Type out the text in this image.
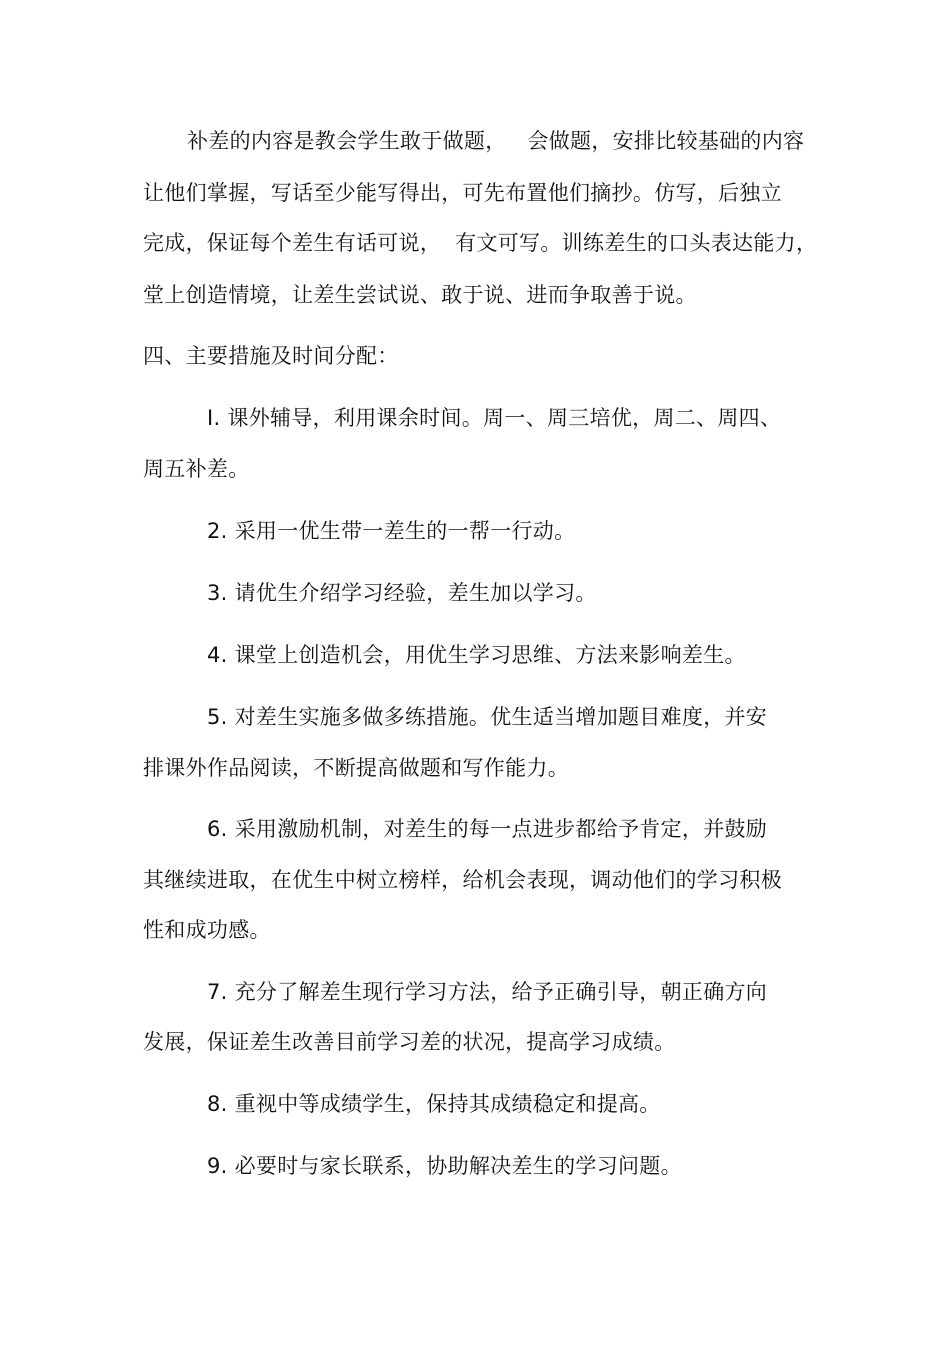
补差的内容是教会学生敢于做题，   会做题，安排比较基础的内容
让他们掌握，写话至少能写得出，可先布置他们摘抄。仿写，后独立
完成，保证每个差生有话可说，  有文可写。训练差生的口头表达能力，
堂上创造情境，让差生尝试说、敢于说、进而争取善于说。
四、主要措施及时间分配：
I. 课外辅导，利用课余时间。周一、周三培优，周二、周四、
周五补差。
2. 采用一优生带一差生的一帮一行动。
3. 请优生介绍学习经验，差生加以学习。
4. 课堂上创造机会，用优生学习思维、方法来影响差生。
5. 对差生实施多做多练措施。优生适当增加题目难度，并安
排课外作品阅读，不断提高做题和写作能力。
6. 采用激励机制，对差生的每一点进步都给予肯定，并鼓励
其继续进取，在优生中树立榜样，给机会表现，调动他们的学习积极
性和成功感。
7. 充分了解差生现行学习方法，给予正确引导，朝正确方向
发展，保证差生改善目前学习差的状况，提高学习成绩。
8. 重视中等成绩学生，保持其成绩稳定和提高。
9. 必要时与家长联系，协助解决差生的学习问题。
